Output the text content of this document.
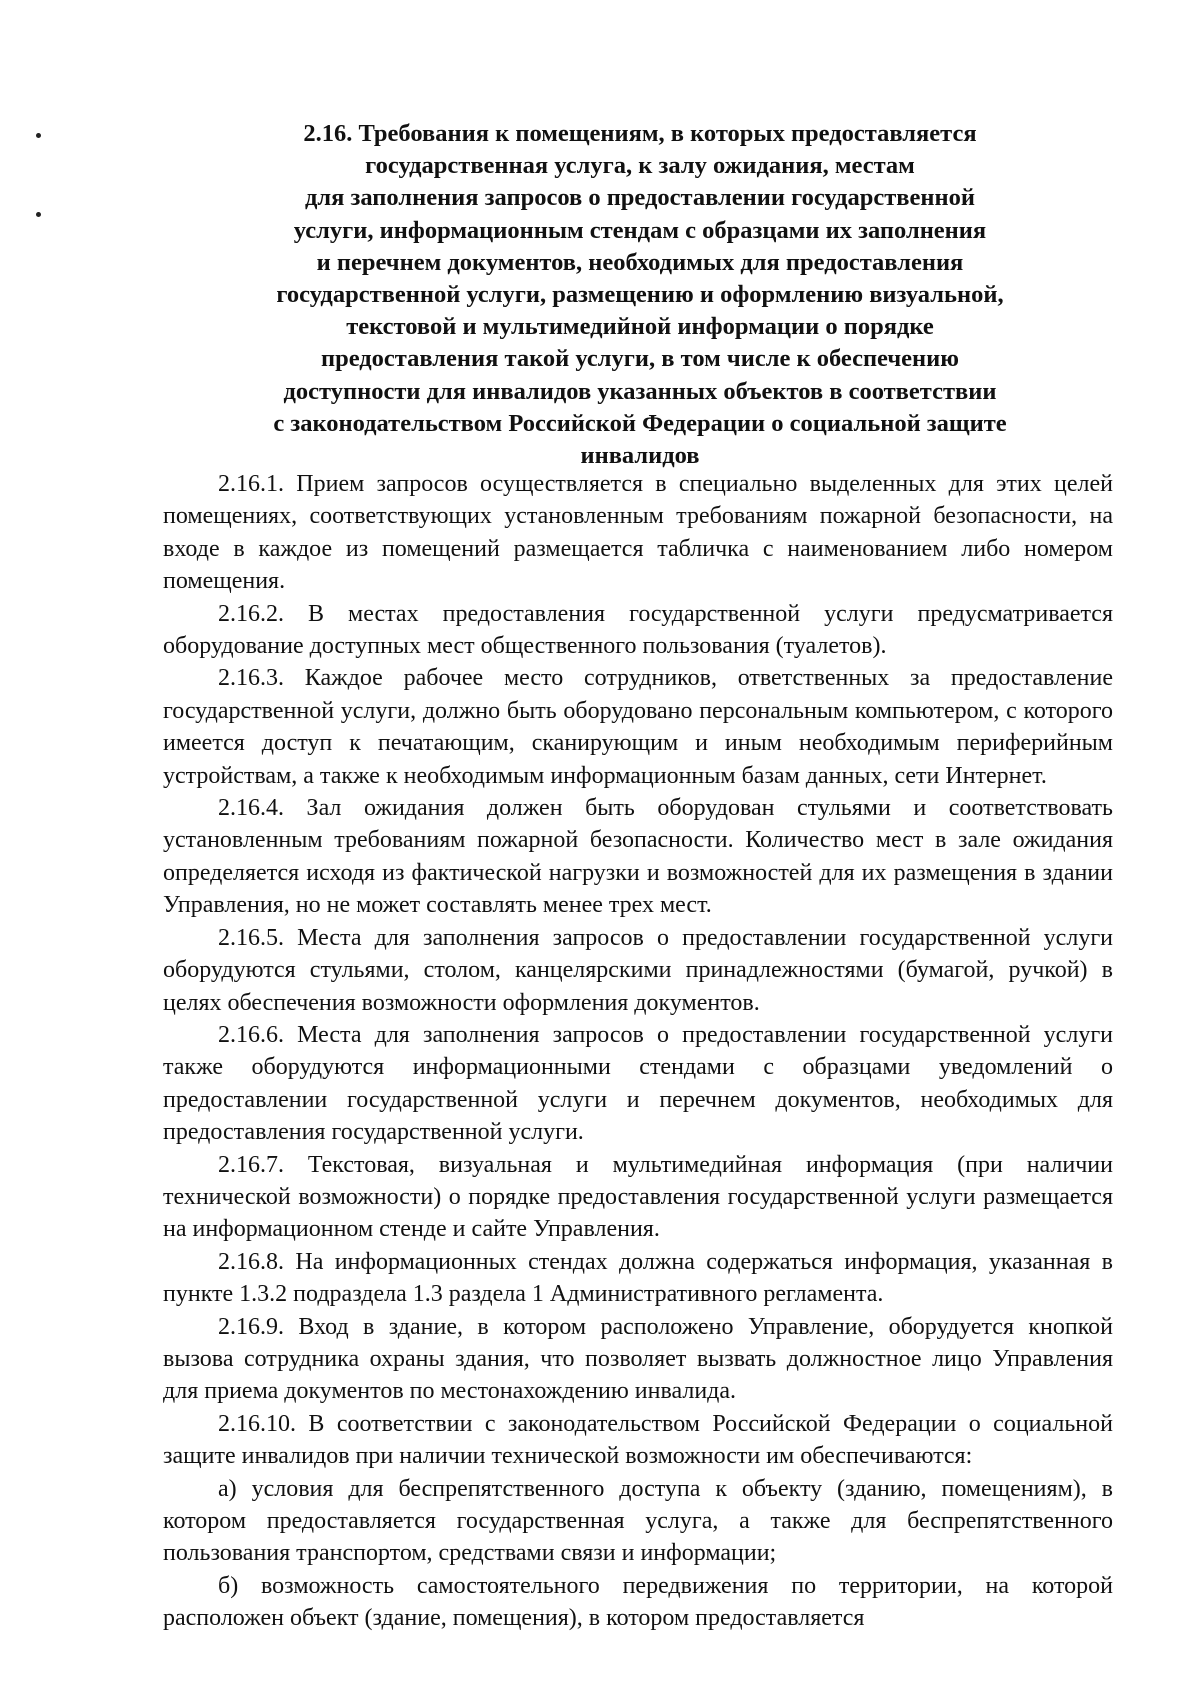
2.16. Требования к помещениям, в которых предоставляется
государственная услуга, к залу ожидания, местам
для заполнения запросов о предоставлении государственной
услуги, информационным стендам с образцами их заполнения
и перечнем документов, необходимых для предоставления
государственной услуги, размещению и оформлению визуальной,
текстовой и мультимедийной информации о порядке
предоставления такой услуги, в том числе к обеспечению
доступности для инвалидов указанных объектов в соответствии
с законодательством Российской Федерации о социальной защите
инвалидов

2.16.1. Прием запросов осуществляется в специально выделенных для этих целей помещениях, соответствующих установленным требованиям пожарной безопасности, на входе в каждое из помещений размещается табличка с наименованием либо номером помещения.

2.16.2. В местах предоставления государственной услуги предусматривается оборудование доступных мест общественного пользования (туалетов).

2.16.3. Каждое рабочее место сотрудников, ответственных за предоставление государственной услуги, должно быть оборудовано персональным компьютером, с которого имеется доступ к печатающим, сканирующим и иным необходимым периферийным устройствам, а также к необходимым информационным базам данных, сети Интернет.

2.16.4. Зал ожидания должен быть оборудован стульями и соответствовать установленным требованиям пожарной безопасности. Количество мест в зале ожидания определяется исходя из фактической нагрузки и возможностей для их размещения в здании Управления, но не может составлять менее трех мест.

2.16.5. Места для заполнения запросов о предоставлении государственной услуги оборудуются стульями, столом, канцелярскими принадлежностями (бумагой, ручкой) в целях обеспечения возможности оформления документов.

2.16.6. Места для заполнения запросов о предоставлении государственной услуги также оборудуются информационными стендами с образцами уведомлений о предоставлении государственной услуги и перечнем документов, необходимых для предоставления государственной услуги.

2.16.7. Текстовая, визуальная и мультимедийная информация (при наличии технической возможности) о порядке предоставления государственной услуги размещается на информационном стенде и сайте Управления.

2.16.8. На информационных стендах должна содержаться информация, указанная в пункте 1.3.2 подраздела 1.3 раздела 1 Административного регламента.

2.16.9. Вход в здание, в котором расположено Управление, оборудуется кнопкой вызова сотрудника охраны здания, что позволяет вызвать должностное лицо Управления для приема документов по местонахождению инвалида.

2.16.10. В соответствии с законодательством Российской Федерации о социальной защите инвалидов при наличии технической возможности им обеспечиваются:

а) условия для беспрепятственного доступа к объекту (зданию, помещениям), в котором предоставляется государственная услуга, а также для беспрепятственного пользования транспортом, средствами связи и информации;

б) возможность самостоятельного передвижения по территории, на которой расположен объект (здание, помещения), в котором предоставляется
